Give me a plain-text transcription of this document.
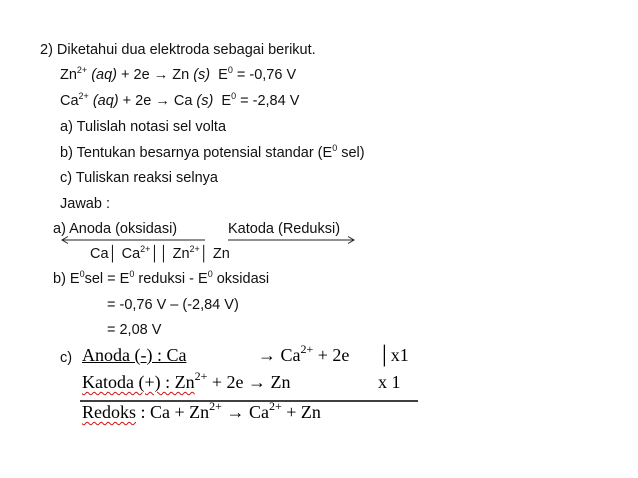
2) Diketahui dua elektroda sebagai berikut.
$Zn^{2+}$ (aq) + 2e → Zn (s) $E^0 = -0,76$ V
$Ca^{2+}$ (aq) + 2e → Ca (s) $E^0 = -2,84$ V
a) Tulislah notasi sel volta
b) Tentukan besarnya potensial standar ($E^0$ sel)
c) Tuliskan reaksi selnya
Jawab :
a) Anoda (oksidasi)	Katoda (Reduksi)
Ca│ $Ca^{2+}││$ $Zn^{2+}│$ Zn
b) $E^0sel = E^0$ reduksi - $E^0$ oksidasi
= -0,76 V – (-2,84 V)
= 2,08 V
c) Anoda (-) : Ca	→ $Ca^{2+} + 2e$ │x1
Katoda (+) : $Zn^{2+} + 2e \to Zn$	x 1
Redoks : $Ca + Zn^{2+} \to Ca^{2+} + Zn$
